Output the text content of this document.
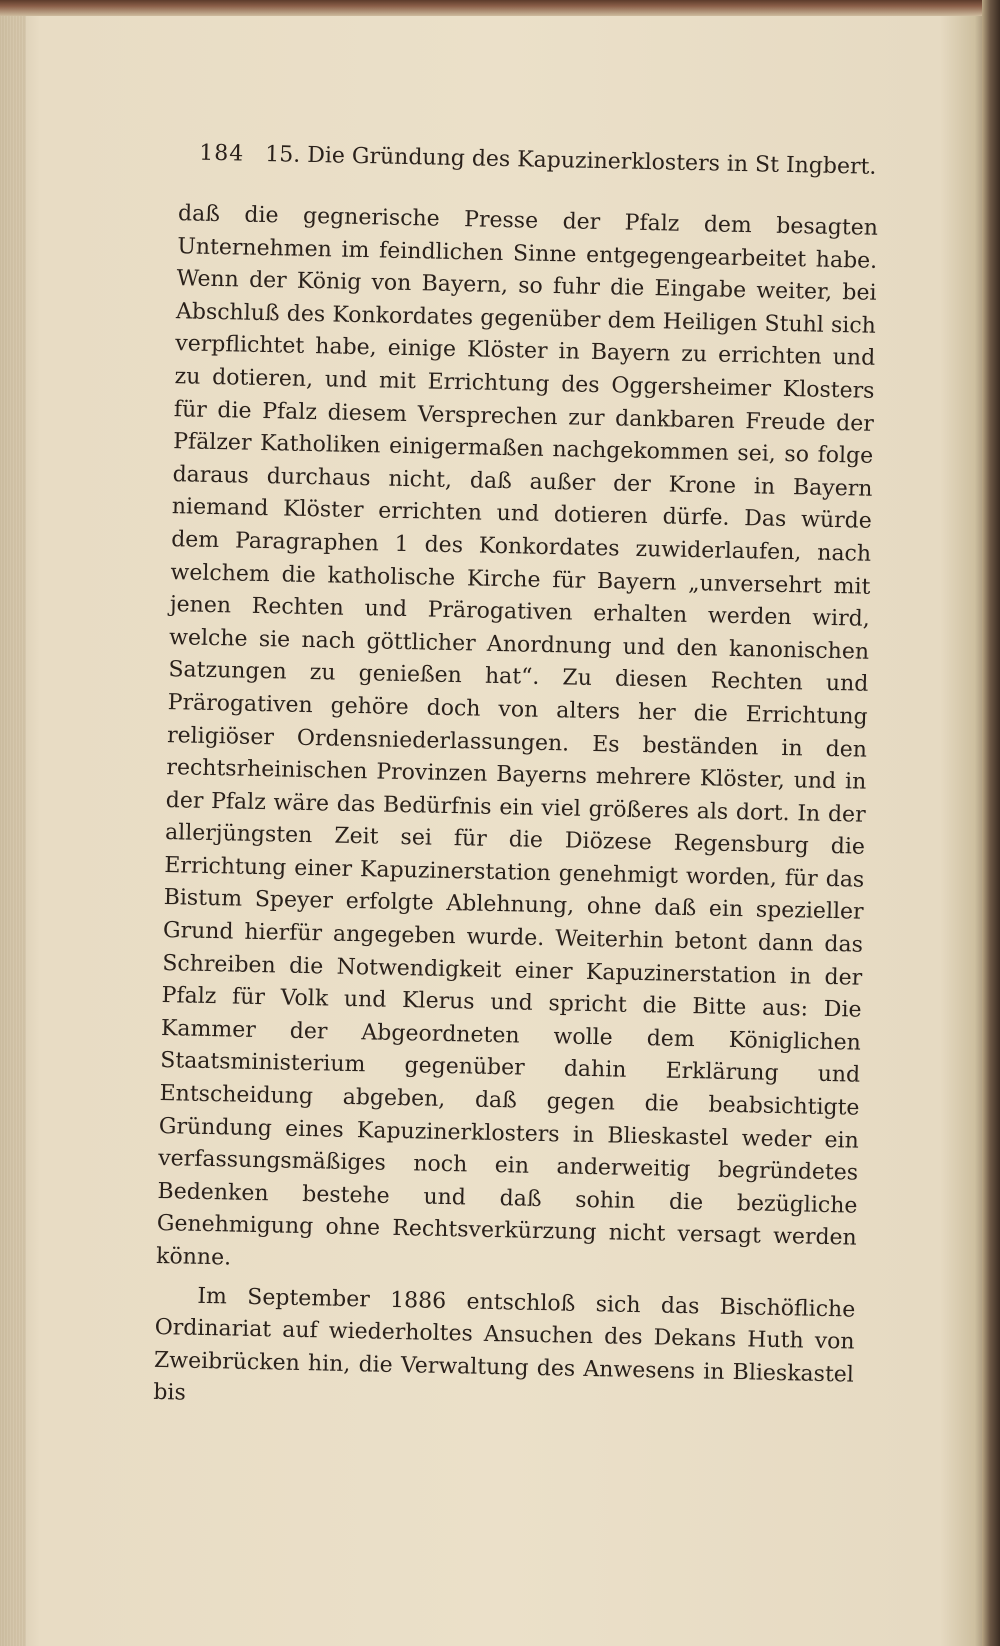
184 15. Die Gründung des Kapuzinerklosters in St Ingbert.

daß die gegnerische Presse der Pfalz dem besagten Unternehmen im feindlichen Sinne entgegengearbeitet habe. Wenn der König von Bayern, so fuhr die Eingabe weiter, bei Abschluß des Konkordates gegenüber dem Heiligen Stuhl sich verpflichtet habe, einige Klöster in Bayern zu errichten und zu dotieren, und mit Errichtung des Oggersheimer Klosters für die Pfalz diesem Versprechen zur dankbaren Freude der Pfälzer Katholiken einigermaßen nachgekommen sei, so folge daraus durchaus nicht, daß außer der Krone in Bayern niemand Klöster errichten und dotieren dürfe. Das würde dem Paragraphen 1 des Konkordates zuwiderlaufen, nach welchem die katholische Kirche für Bayern „unversehrt mit jenen Rechten und Prärogativen erhalten werden wird, welche sie nach göttlicher Anordnung und den kanonischen Satzungen zu genießen hat“. Zu diesen Rechten und Prärogativen gehöre doch von alters her die Errichtung religiöser Ordensniederlassungen. Es beständen in den rechtsrheinischen Provinzen Bayerns mehrere Klöster, und in der Pfalz wäre das Bedürfnis ein viel größeres als dort. In der allerjüngsten Zeit sei für die Diözese Regensburg die Errichtung einer Kapuzinerstation genehmigt worden, für das Bistum Speyer erfolgte Ablehnung, ohne daß ein spezieller Grund hierfür angegeben wurde. Weiterhin betont dann das Schreiben die Notwendigkeit einer Kapuzinerstation in der Pfalz für Volk und Klerus und spricht die Bitte aus: Die Kammer der Abgeordneten wolle dem Königlichen Staatsministerium gegenüber dahin Erklärung und Entscheidung abgeben, daß gegen die beabsichtigte Gründung eines Kapuzinerklosters in Blieskastel weder ein verfassungsmäßiges noch ein anderweitig begründetes Bedenken bestehe und daß sohin die bezügliche Genehmigung ohne Rechtsverkürzung nicht versagt werden könne.

Im September 1886 entschloß sich das Bischöfliche Ordinariat auf wiederholtes Ansuchen des Dekans Huth von Zweibrücken hin, die Verwaltung des Anwesens in Blieskastel bis
